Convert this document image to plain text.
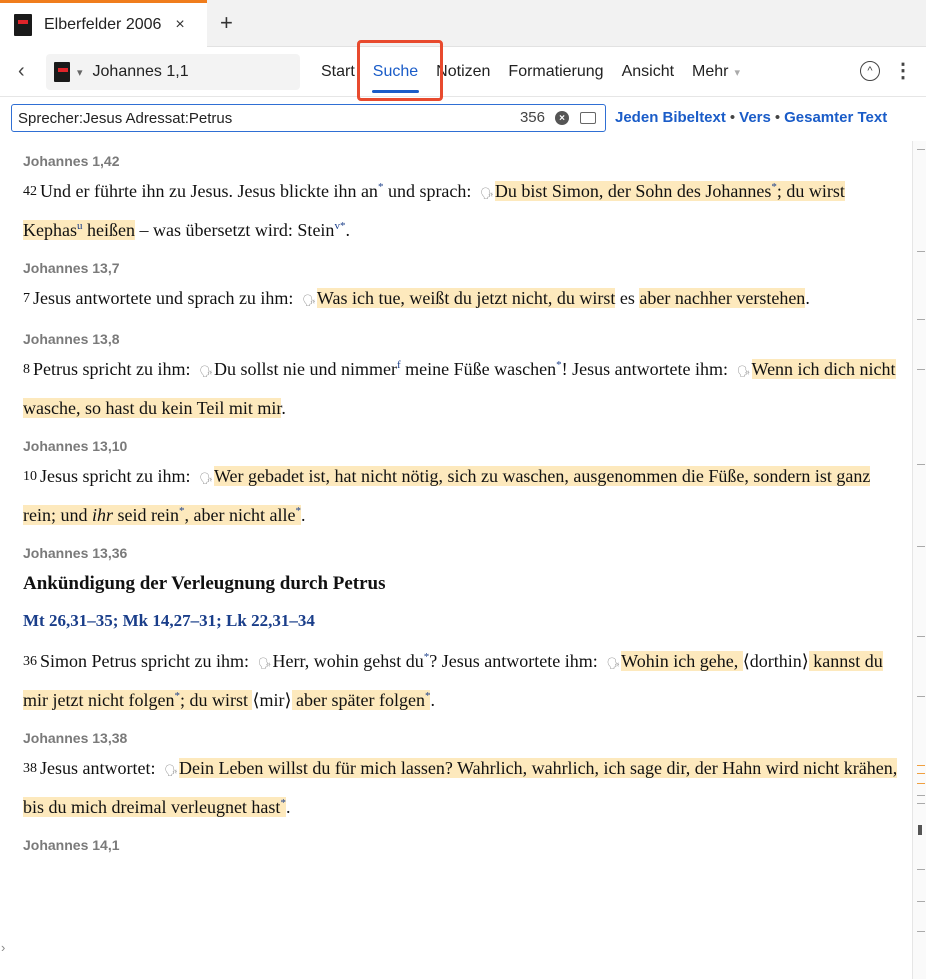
Elberfelder 2006 × +
‹	▾ Johannes 1,1	Start	Suche	Notizen	Formatierung	Ansicht	Mehr ▾	^	⋮
Sprecher:Jesus Adressat:Petrus
356	×	Jeden Bibeltext • Vers • Gesamter Text
Johannes 1,42
42 Und er führte ihn zu Jesus. Jesus blickte ihn an* und sprach: 🗣︎Du bist Simon, der Sohn des Johannes*; du wirst Kephas$^u$ heißen – was übersetzt wird: Stein$^{v*}$.
Johannes 13,7
7 Jesus antwortete und sprach zu ihm: 🗣︎Was ich tue, weißt du jetzt nicht, du wirst es aber nachher verstehen.
Johannes 13,8
8 Petrus spricht zu ihm: 🗣︎Du sollst nie und nimmer$^f$ meine Füße waschen*! Jesus antwortete ihm: 🗣︎Wenn ich dich nicht wasche, so hast du kein Teil mit mir.
Johannes 13,10
10 Jesus spricht zu ihm: 🗣︎Wer gebadet ist, hat nicht nötig, sich zu waschen, ausgenommen die Füße, sondern ist ganz rein; und ihr seid rein*, aber nicht alle*.
Johannes 13,36
Ankündigung der Verleugnung durch Petrus
Mt 26,31–35; Mk 14,27–31; Lk 22,31–34
36 Simon Petrus spricht zu ihm: 🗣︎Herr, wohin gehst du*? Jesus antwortete ihm: 🗣︎Wohin ich gehe, ⟨dorthin⟩ kannst du mir jetzt nicht folgen*; du wirst ⟨mir⟩ aber später folgen*.
Johannes 13,38
38 Jesus antwortet: 🗣︎Dein Leben willst du für mich lassen? Wahrlich, wahrlich, ich sage dir, der Hahn wird nicht krähen, bis du mich dreimal verleugnet hast*.
Johannes 14,1
›
